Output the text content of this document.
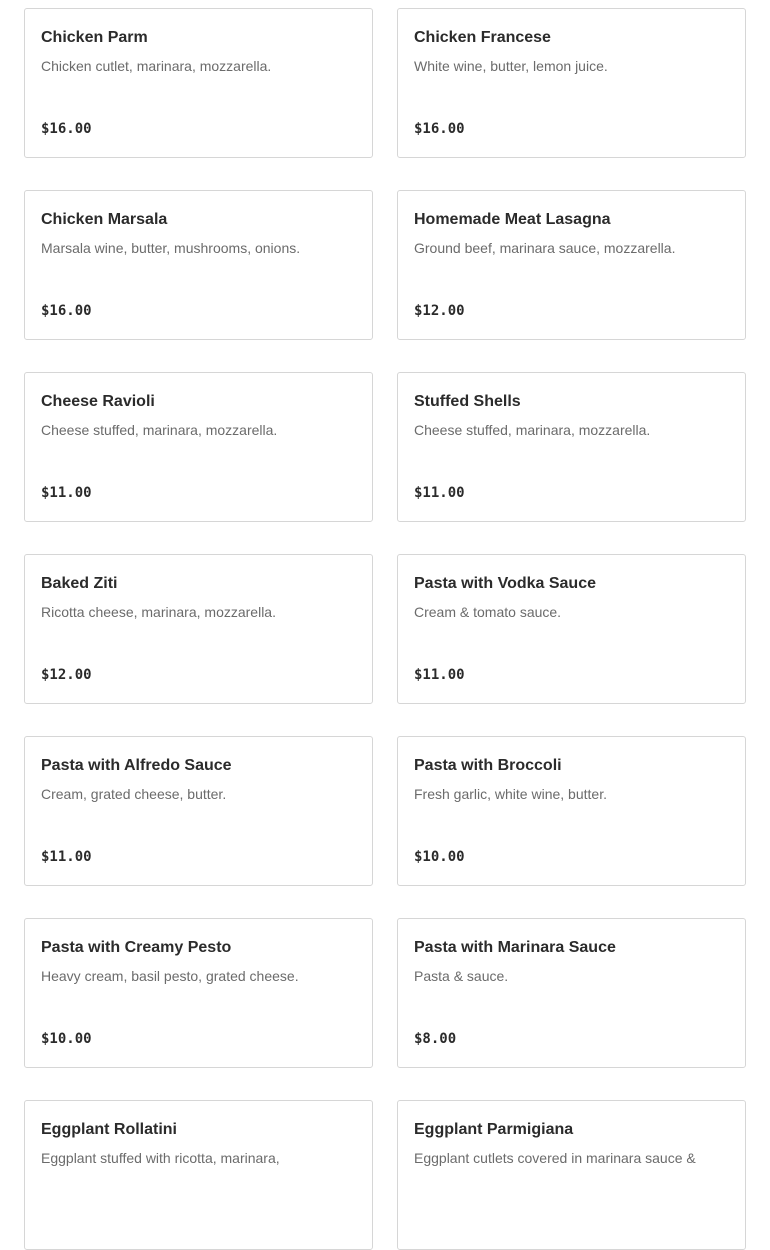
Chicken Parm
Chicken cutlet, marinara, mozzarella.
$16.00
Chicken Francese
White wine, butter, lemon juice.
$16.00
Chicken Marsala
Marsala wine, butter, mushrooms, onions.
$16.00
Homemade Meat Lasagna
Ground beef, marinara sauce, mozzarella.
$12.00
Cheese Ravioli
Cheese stuffed, marinara, mozzarella.
$11.00
Stuffed Shells
Cheese stuffed, marinara, mozzarella.
$11.00
Baked Ziti
Ricotta cheese, marinara, mozzarella.
$12.00
Pasta with Vodka Sauce
Cream & tomato sauce.
$11.00
Pasta with Alfredo Sauce
Cream, grated cheese, butter.
$11.00
Pasta with Broccoli
Fresh garlic, white wine, butter.
$10.00
Pasta with Creamy Pesto
Heavy cream, basil pesto, grated cheese.
$10.00
Pasta with Marinara Sauce
Pasta & sauce.
$8.00
Eggplant Rollatini
Eggplant stuffed with ricotta, marinara,
Eggplant Parmigiana
Eggplant cutlets covered in marinara sauce &
